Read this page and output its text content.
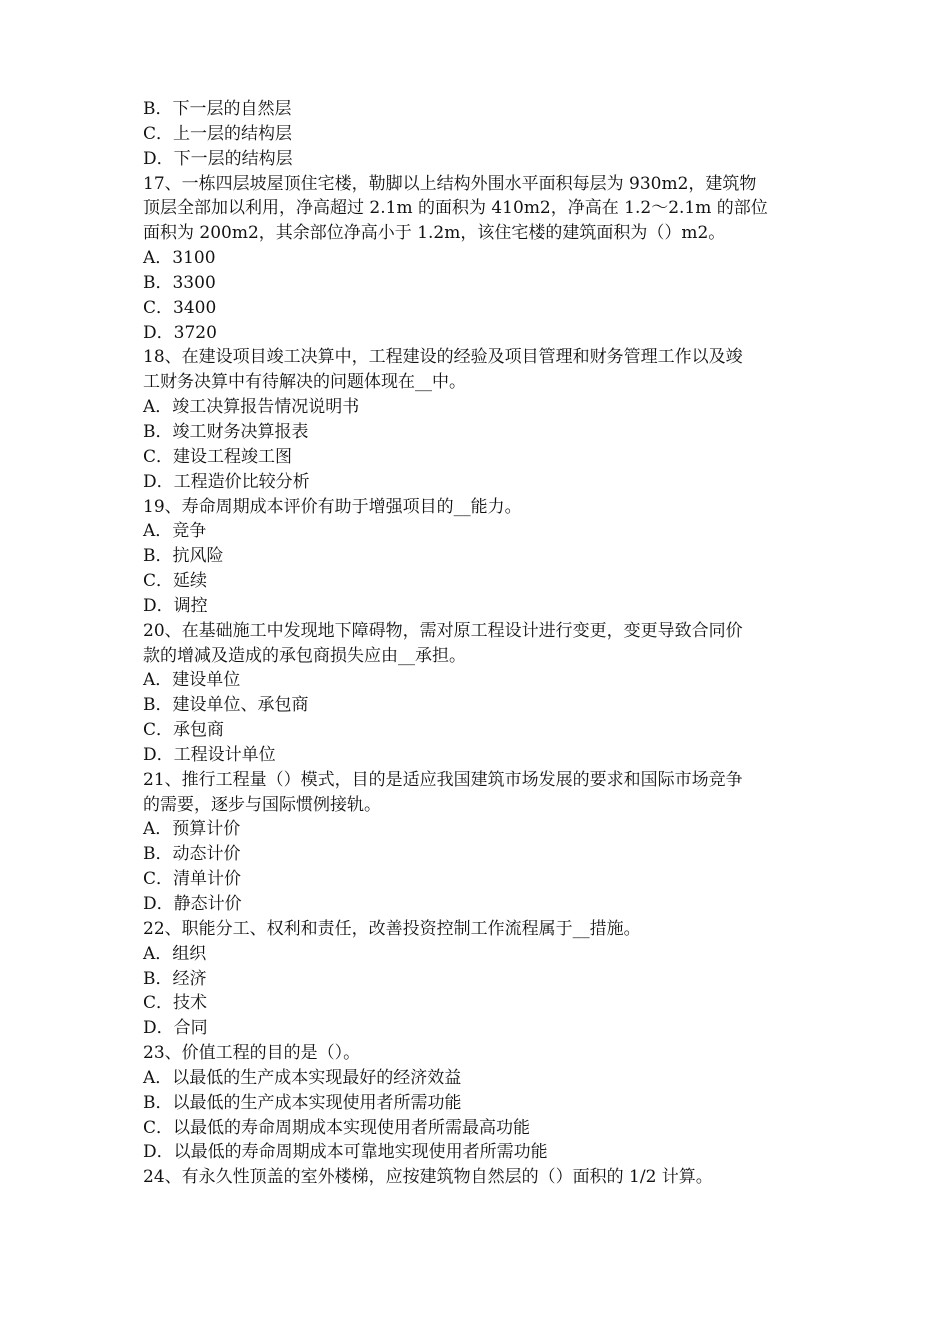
B．下一层的自然层
C．上一层的结构层
D．下一层的结构层
17、一栋四层坡屋顶住宅楼，勒脚以上结构外围水平面积每层为 930m2，建筑物
顶层全部加以利用，净高超过 2.1m 的面积为 410m2，净高在 1.2～2.1m 的部位
面积为 200m2，其余部位净高小于 1.2m，该住宅楼的建筑面积为（）m2。
A．3100
B．3300
C．3400
D．3720
18、在建设项目竣工决算中，工程建设的经验及项目管理和财务管理工作以及竣
工财务决算中有待解决的问题体现在__中。
A．竣工决算报告情况说明书
B．竣工财务决算报表
C．建设工程竣工图
D．工程造价比较分析
19、寿命周期成本评价有助于增强项目的__能力。
A．竞争
B．抗风险
C．延续
D．调控
20、在基础施工中发现地下障碍物，需对原工程设计进行变更，变更导致合同价
款的增减及造成的承包商损失应由__承担。
A．建设单位
B．建设单位、承包商
C．承包商
D．工程设计单位
21、推行工程量（）模式，目的是适应我国建筑市场发展的要求和国际市场竞争
的需要，逐步与国际惯例接轨。
A．预算计价
B．动态计价
C．清单计价
D．静态计价
22、职能分工、权利和责任，改善投资控制工作流程属于__措施。
A．组织
B．经济
C．技术
D．合同
23、价值工程的目的是（）。
A．以最低的生产成本实现最好的经济效益
B．以最低的生产成本实现使用者所需功能
C．以最低的寿命周期成本实现使用者所需最高功能
D．以最低的寿命周期成本可靠地实现使用者所需功能
24、有永久性顶盖的室外楼梯，应按建筑物自然层的（）面积的 1/2 计算。
